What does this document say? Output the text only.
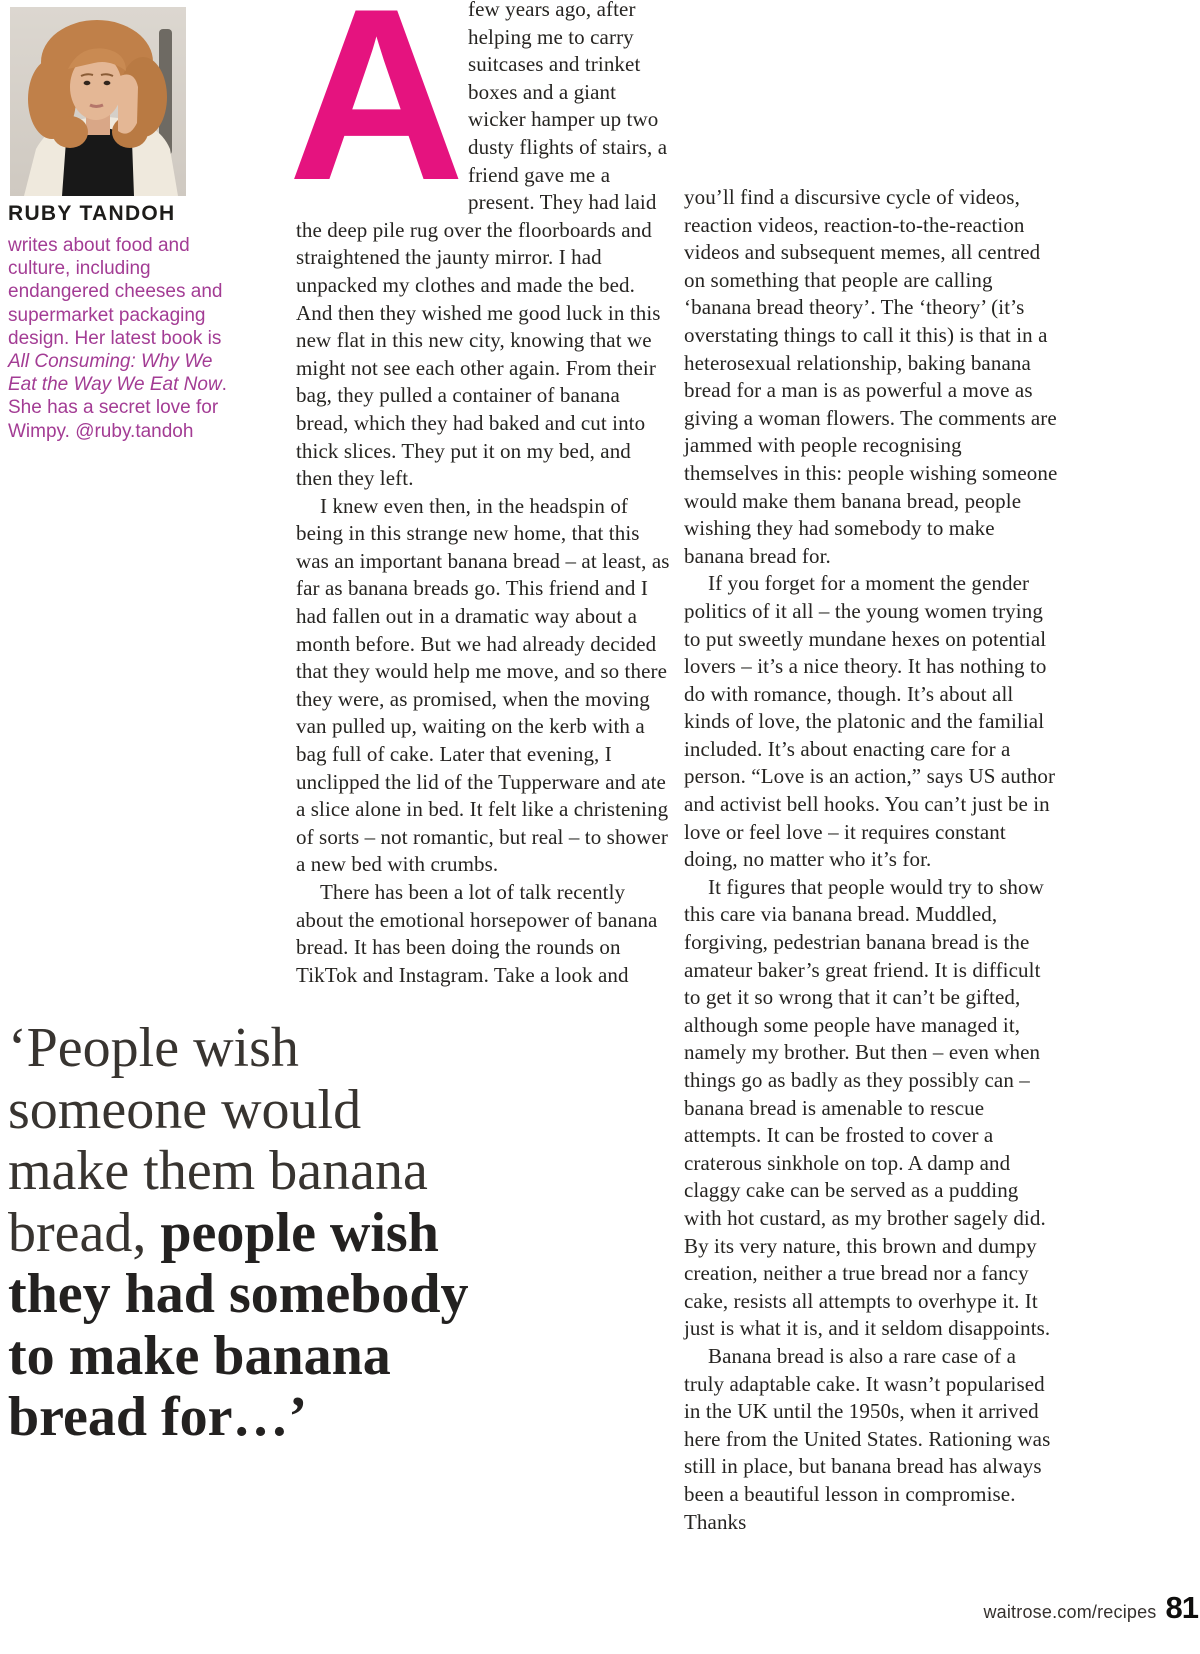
RUBY TANDOH
writes about food and culture, including endangered cheeses and supermarket packaging design. Her latest book is All Consuming: Why We Eat the Way We Eat Now. She has a secret love for Wimpy. @ruby.tandoh

A few years ago, after helping me to carry suitcases and trinket boxes and a giant wicker hamper up two dusty flights of stairs, a friend gave me a present. They had laid the deep pile rug over the floorboards and straightened the jaunty mirror. I had unpacked my clothes and made the bed. And then they wished me good luck in this new flat in this new city, knowing that we might not see each other again. From their bag, they pulled a container of banana bread, which they had baked and cut into thick slices. They put it on my bed, and then they left.

I knew even then, in the headspin of being in this strange new home, that this was an important banana bread – at least, as far as banana breads go. This friend and I had fallen out in a dramatic way about a month before. But we had already decided that they would help me move, and so there they were, as promised, when the moving van pulled up, waiting on the kerb with a bag full of cake. Later that evening, I unclipped the lid of the Tupperware and ate a slice alone in bed. It felt like a christening of sorts – not romantic, but real – to shower a new bed with crumbs.

There has been a lot of talk recently about the emotional horsepower of banana bread. It has been doing the rounds on TikTok and Instagram. Take a look and

you’ll find a discursive cycle of videos, reaction videos, reaction-to-the-reaction videos and subsequent memes, all centred on something that people are calling ‘banana bread theory’. The ‘theory’ (it’s overstating things to call it this) is that in a heterosexual relationship, baking banana bread for a man is as powerful a move as giving a woman flowers. The comments are jammed with people recognising themselves in this: people wishing someone would make them banana bread, people wishing they had somebody to make banana bread for.

If you forget for a moment the gender politics of it all – the young women trying to put sweetly mundane hexes on potential lovers – it’s a nice theory. It has nothing to do with romance, though. It’s about all kinds of love, the platonic and the familial included. It’s about enacting care for a person. “Love is an action,” says US author and activist bell hooks. You can’t just be in love or feel love – it requires constant doing, no matter who it’s for.

It figures that people would try to show this care via banana bread. Muddled, forgiving, pedestrian banana bread is the amateur baker’s great friend. It is difficult to get it so wrong that it can’t be gifted, although some people have managed it, namely my brother. But then – even when things go as badly as they possibly can – banana bread is amenable to rescue attempts. It can be frosted to cover a craterous sinkhole on top. A damp and claggy cake can be served as a pudding with hot custard, as my brother sagely did. By its very nature, this brown and dumpy creation, neither a true bread nor a fancy cake, resists all attempts to overhype it. It just is what it is, and it seldom disappoints.

Banana bread is also a rare case of a truly adaptable cake. It wasn’t popularised in the UK until the 1950s, when it arrived here from the United States. Rationing was still in place, but banana bread has always been a beautiful lesson in compromise. Thanks

‘People wish
someone would
make them banana
bread, people wish
they had somebody
to make banana
bread for…’
waitrose.com/recipes 81
